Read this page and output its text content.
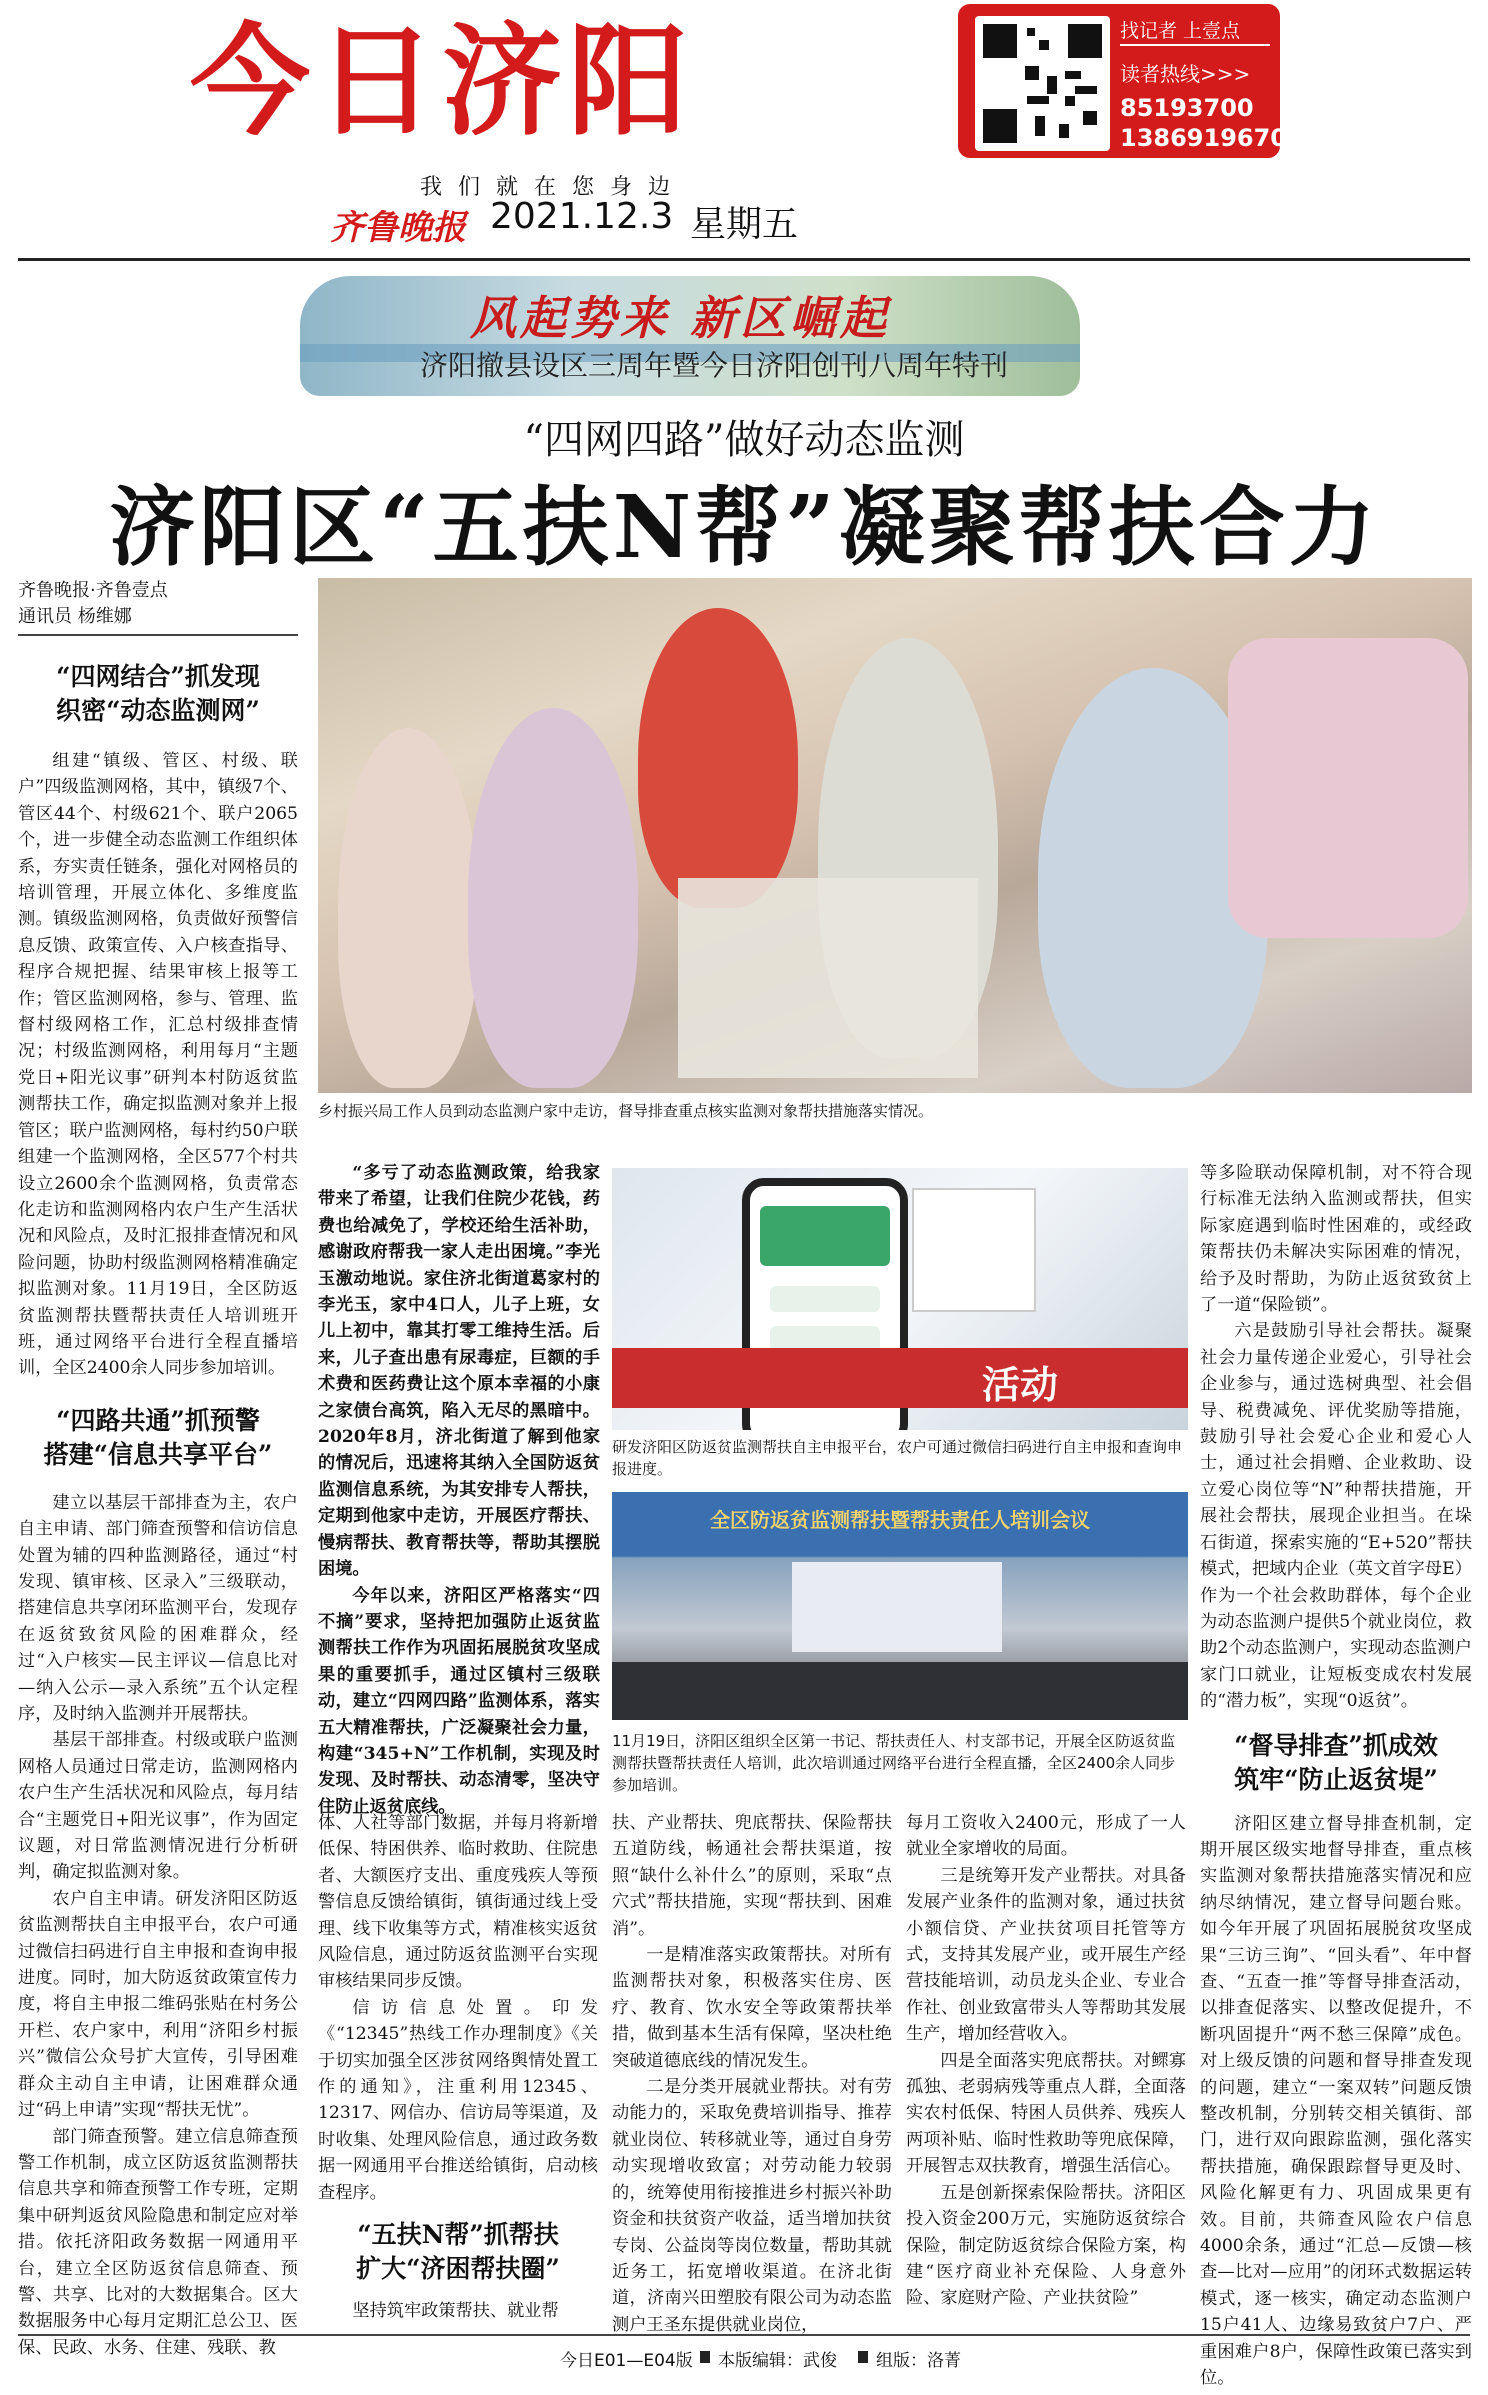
今日济阳	找记者 上壹点
读者热线>>>
85193700
13869196706
我们就在您身边
齐鲁晚报 2021.12.3 星期五
风起势来 新区崛起
济阳撤县设区三周年暨今日济阳创刊八周年特刊
“四网四路”做好动态监测
济阳区“五扶N帮”凝聚帮扶合力
齐鲁晚报·齐鲁壹点
通讯员 杨维娜
“四网结合”抓发现
织密“动态监测网”

组建“镇级、管区、村级、联户”四级监测网格，其中，镇级7个、管区44个、村级621个、联户2065个，进一步健全动态监测工作组织体系，夯实责任链条，强化对网格员的培训管理，开展立体化、多维度监测。镇级监测网格，负责做好预警信息反馈、政策宣传、入户核查指导、程序合规把握、结果审核上报等工作；管区监测网格，参与、管理、监督村级网格工作，汇总村级排查情况；村级监测网格，利用每月“主题党日+阳光议事”研判本村防返贫监测帮扶工作，确定拟监测对象并上报管区；联户监测网格，每村约50户联组建一个监测网格，全区577个村共设立2600余个监测网格，负责常态化走访和监测网格内农户生产生活状况和风险点，及时汇报排查情况和风险问题，协助村级监测网格精准确定拟监测对象。11月19日，全区防返贫监测帮扶暨帮扶责任人培训班开班，通过网络平台进行全程直播培训，全区2400余人同步参加培训。

“四路共通”抓预警
搭建“信息共享平台”

建立以基层干部排查为主，农户自主申请、部门筛查预警和信访信息处置为辅的四种监测路径，通过“村发现、镇审核、区录入”三级联动，搭建信息共享闭环监测平台，发现存在返贫致贫风险的困难群众，经过“入户核实—民主评议—信息比对—纳入公示—录入系统”五个认定程序，及时纳入监测并开展帮扶。

基层干部排查。村级或联户监测网格人员通过日常走访，监测网格内农户生产生活状况和风险点，每月结合“主题党日+阳光议事”，作为固定议题，对日常监测情况进行分析研判，确定拟监测对象。

农户自主申请。研发济阳区防返贫监测帮扶自主申报平台，农户可通过微信扫码进行自主申报和查询申报进度。同时，加大防返贫政策宣传力度，将自主申报二维码张贴在村务公开栏、农户家中，利用“济阳乡村振兴”微信公众号扩大宣传，引导困难群众主动自主申请，让困难群众通过“码上申请”实现“帮扶无忧”。

部门筛查预警。建立信息筛查预警工作机制，成立区防返贫监测帮扶信息共享和筛查预警工作专班，定期集中研判返贫风险隐患和制定应对举措。依托济阳政务数据一网通用平台，建立全区防返贫信息筛查、预警、共享、比对的大数据集合。区大数据服务中心每月定期汇总公卫、医保、民政、水务、住建、残联、教

乡村振兴局工作人员到动态监测户家中走访，督导排查重点核实监测对象帮扶措施落实情况。

“多亏了动态监测政策，给我家带来了希望，让我们住院少花钱，药费也给减免了，学校还给生活补助，感谢政府帮我一家人走出困境。”李光玉激动地说。家住济北街道葛家村的李光玉，家中4口人，儿子上班，女儿上初中，靠其打零工维持生活。后来，儿子查出患有尿毒症，巨额的手术费和医药费让这个原本幸福的小康之家债台高筑，陷入无尽的黑暗中。2020年8月，济北街道了解到他家的情况后，迅速将其纳入全国防返贫监测信息系统，为其安排专人帮扶，定期到他家中走访，开展医疗帮扶、慢病帮扶、教育帮扶等，帮助其摆脱困境。

今年以来，济阳区严格落实“四不摘”要求，坚持把加强防止返贫监测帮扶工作作为巩固拓展脱贫攻坚成果的重要抓手，通过区镇村三级联动，建立“四网四路”监测体系，落实五大精准帮扶，广泛凝聚社会力量，构建“345+N”工作机制，实现及时发现、及时帮扶、动态清零，坚决守住防止返贫底线。

活动
研发济阳区防返贫监测帮扶自主申报平台，农户可通过微信扫码进行自主申报和查询申报进度。
全区防返贫监测帮扶暨帮扶责任人培训会议
11月19日，济阳区组织全区第一书记、帮扶责任人、村支部书记，开展全区防返贫监测帮扶暨帮扶责任人培训，此次培训通过网络平台进行全程直播，全区2400余人同步参加培训。

等多险联动保障机制，对不符合现行标准无法纳入监测或帮扶，但实际家庭遇到临时性困难的，或经政策帮扶仍未解决实际困难的情况，给予及时帮助，为防止返贫致贫上了一道“保险锁”。

六是鼓励引导社会帮扶。凝聚社会力量传递企业爱心，引导社会企业参与，通过选树典型、社会倡导、税费减免、评优奖励等措施，鼓励引导社会爱心企业和爱心人士，通过社会捐赠、企业救助、设立爱心岗位等“N”种帮扶措施，开展社会帮扶，展现企业担当。在垛石街道，探索实施的“E+520”帮扶模式，把域内企业（英文首字母E）作为一个社会救助群体，每个企业为动态监测户提供5个就业岗位，救助2个动态监测户，实现动态监测户家门口就业，让短板变成农村发展的“潜力板”，实现“0返贫”。

“督导排查”抓成效
筑牢“防止返贫堤”

济阳区建立督导排查机制，定期开展区级实地督导排查，重点核实监测对象帮扶措施落实情况和应纳尽纳情况，建立督导问题台账。如今年开展了巩固拓展脱贫攻坚成果“三访三询”、“回头看”、年中督查、“五查一推”等督导排查活动，以排查促落实、以整改促提升，不断巩固提升“两不愁三保障”成色。对上级反馈的问题和督导排查发现的问题，建立“一案双转”问题反馈整改机制，分别转交相关镇街、部门，进行双向跟踪监测，强化落实帮扶措施，确保跟踪督导更及时、风险化解更有力、巩固成果更有效。目前，共筛查风险农户信息4000余条，通过“汇总—反馈—核查—比对—应用”的闭环式数据运转模式，逐一核实，确定动态监测户15户41人、边缘易致贫户7户、严重困难户8户，保障性政策已落实到位。

体、人社等部门数据，并每月将新增低保、特困供养、临时救助、住院患者、大额医疗支出、重度残疾人等预警信息反馈给镇街，镇街通过线上受理、线下收集等方式，精准核实返贫风险信息，通过防返贫监测平台实现审核结果同步反馈。

信访信息处置。印发《“12345”热线工作办理制度》《关于切实加强全区涉贫网络舆情处置工作的通知》，注重利用12345、12317、网信办、信访局等渠道，及时收集、处理风险信息，通过政务数据一网通用平台推送给镇街，启动核查程序。

“五扶N帮”抓帮扶
扩大“济困帮扶圈”

坚持筑牢政策帮扶、就业帮

扶、产业帮扶、兜底帮扶、保险帮扶五道防线，畅通社会帮扶渠道，按照“缺什么补什么”的原则，采取“点穴式”帮扶措施，实现“帮扶到、困难消”。

一是精准落实政策帮扶。对所有监测帮扶对象，积极落实住房、医疗、教育、饮水安全等政策帮扶举措，做到基本生活有保障，坚决杜绝突破道德底线的情况发生。

二是分类开展就业帮扶。对有劳动能力的，采取免费培训指导、推荐就业岗位、转移就业等，通过自身劳动实现增收致富；对劳动能力较弱的，统筹使用衔接推进乡村振兴补助资金和扶贫资产收益，适当增加扶贫专岗、公益岗等岗位数量，帮助其就近务工，拓宽增收渠道。在济北街道，济南兴田塑胶有限公司为动态监测户王圣东提供就业岗位，

每月工资收入2400元，形成了一人就业全家增收的局面。

三是统筹开发产业帮扶。对具备发展产业条件的监测对象，通过扶贫小额信贷、产业扶贫项目托管等方式，支持其发展产业，或开展生产经营技能培训，动员龙头企业、专业合作社、创业致富带头人等帮助其发展生产，增加经营收入。

四是全面落实兜底帮扶。对鳏寡孤独、老弱病残等重点人群，全面落实农村低保、特困人员供养、残疾人两项补贴、临时性救助等兜底保障，开展智志双扶教育，增强生活信心。

五是创新探索保险帮扶。济阳区投入资金200万元，实施防返贫综合保险，制定防返贫综合保险方案，构建“医疗商业补充保险、人身意外险、家庭财产险、产业扶贫险”

今日E01—E04版 本版编辑：武俊 组版：洛菁
